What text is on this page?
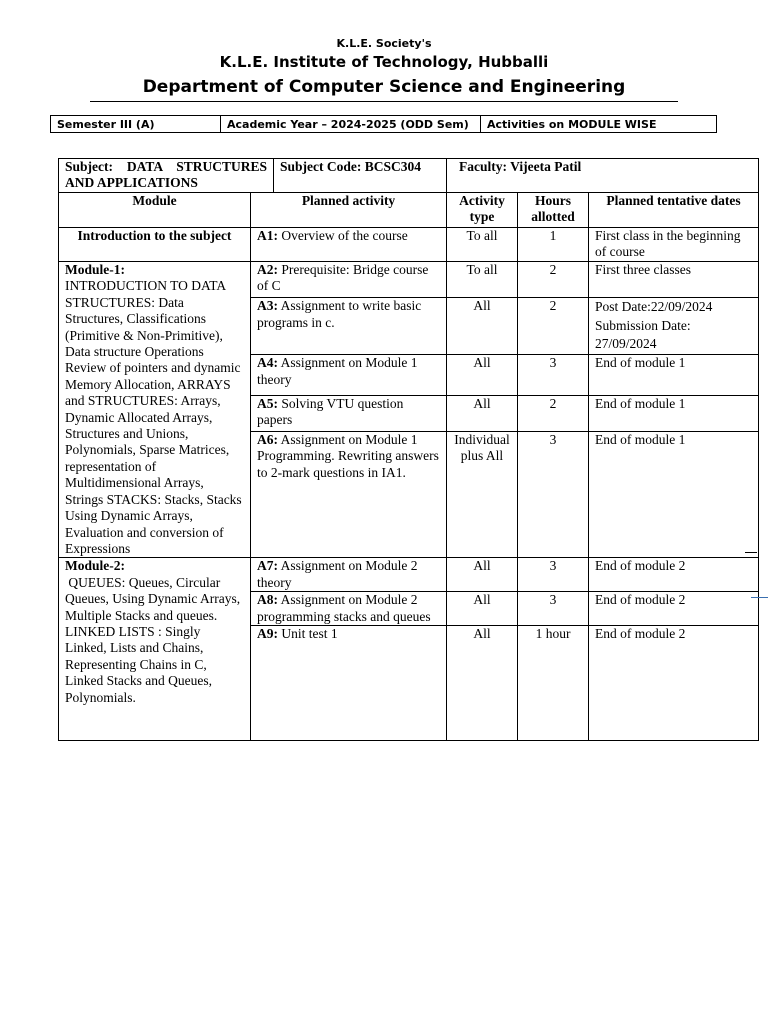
K.L.E. Society's
K.L.E. Institute of Technology, Hubballi
Department of Computer Science and Engineering
Semester III (A)	Academic Year – 2024-2025 (ODD Sem)	Activities on MODULE WISE
Subject: DATA STRUCTURES AND APPLICATIONS		Subject Code: BCSC304	Faculty: Vijeeta Patil		
Module	Planned activity		Activity type	Hours allotted	Planned tentative dates
Introduction to the subject	A1: Overview of the course		To all	1	First class in the beginning of course

Module-1:
INTRODUCTION TO DATA STRUCTURES: Data Structures, Classifications (Primitive & Non-Primitive), Data structure Operations Review of pointers and dynamic Memory Allocation, ARRAYS and STRUCTURES: Arrays, Dynamic Allocated Arrays, Structures and Unions, Polynomials, Sparse Matrices, representation of Multidimensional Arrays, Strings STACKS: Stacks, Stacks Using Dynamic Arrays, Evaluation and conversion of Expressions	A2: Prerequisite: Bridge course of C		To all	2	First three classes
	A3: Assignment to write basic programs in c.		All	2	Post Date:22/09/2024
Submission Date: 27/09/2024

	A4: Assignment on Module 1 theory		All	3	End of module 1
	A5: Solving VTU question papers		All	2	End of module 1
	A6: Assignment on Module 1 Programming. Rewriting answers to 2-mark questions in IA1.		Individual plus All	3	End of module 1

Module-2:
QUEUES: Queues, Circular Queues, Using Dynamic Arrays, Multiple Stacks and queues. LINKED LISTS : Singly Linked, Lists and Chains, Representing Chains in C, Linked Stacks and Queues, Polynomials.	A7: Assignment on Module 2 theory		All	3	End of module 2
	A8: Assignment on Module 2 programming stacks and queues		All	3	End of module 2
	A9: Unit test 1		All	1 hour	End of module 2
